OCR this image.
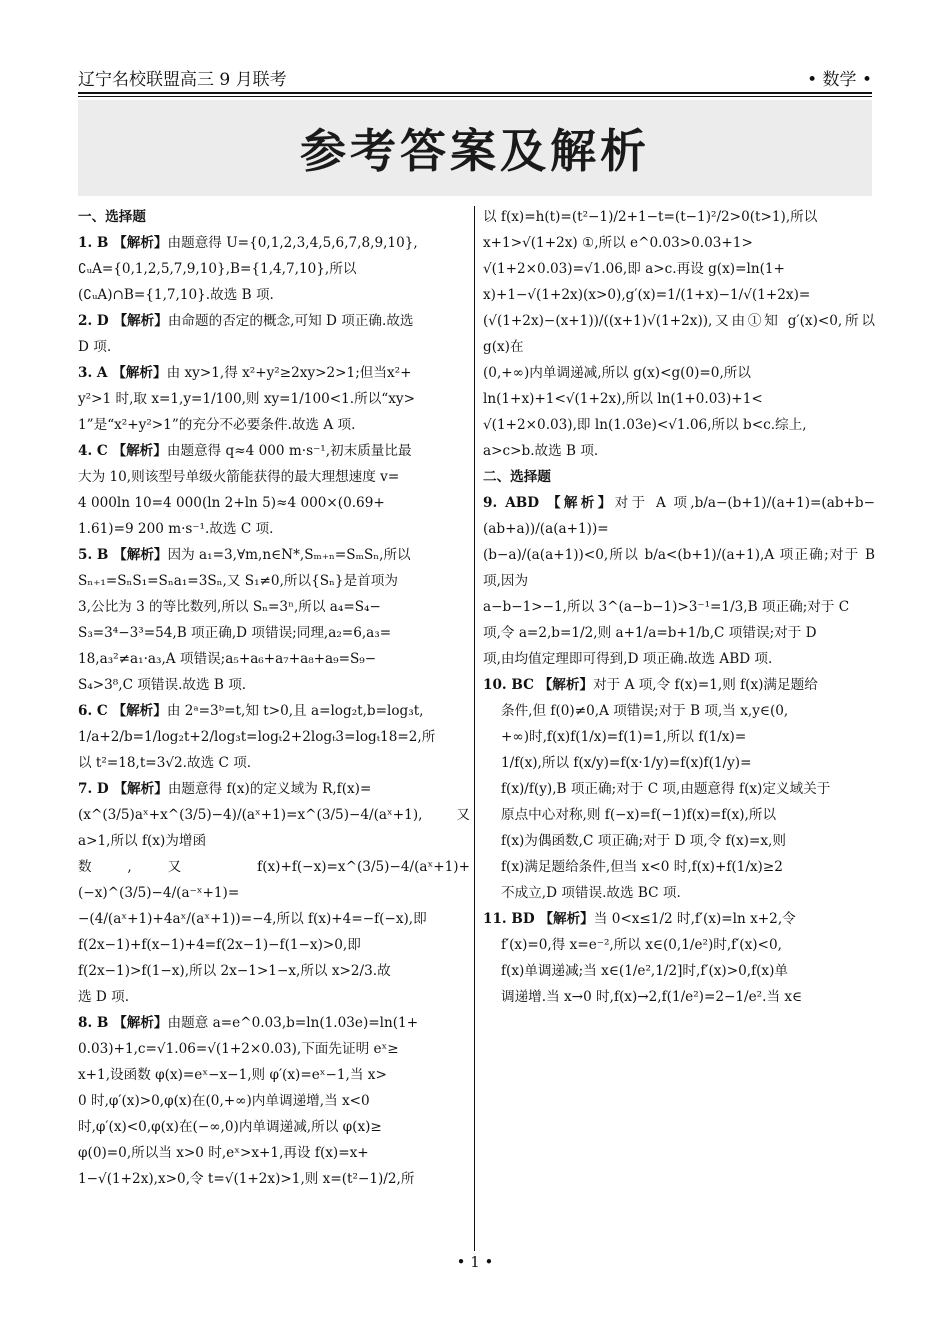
辽宁名校联盟高三 9 月联考	• 数学 •
参考答案及解析
一、选择题
1. B 【解析】由题意得 U={0,1,2,3,4,5,6,7,8,9,10},
∁ᵤA={0,1,2,5,7,9,10},B={1,4,7,10},所以
(∁ᵤA)∩B={1,7,10}.故选 B 项.
2. D 【解析】由命题的否定的概念,可知 D 项正确.故选
D 项.
3. A 【解析】由 xy>1,得 x²+y²≥2xy>2>1;但当x²+
y²>1 时,取 x=1,y=1/100,则 xy=1/100<1.所以“xy>
1”是“x²+y²>1”的充分不必要条件.故选 A 项.
4. C 【解析】由题意得 q≈4 000 m·s⁻¹,初末质量比最
大为 10,则该型号单级火箭能获得的最大理想速度 v=
4 000ln 10=4 000(ln 2+ln 5)≈4 000×(0.69+
1.61)=9 200 m·s⁻¹.故选 C 项.
5. B 【解析】因为 a₁=3,∀m,n∈N*,Sₘ₊ₙ=SₘSₙ,所以
Sₙ₊₁=SₙS₁=Sₙa₁=3Sₙ,又 S₁≠0,所以{Sₙ}是首项为
3,公比为 3 的等比数列,所以 Sₙ=3ⁿ,所以 a₄=S₄−
S₃=3⁴−3³=54,B 项正确,D 项错误;同理,a₂=6,a₃=
18,a₃²≠a₁·a₃,A 项错误;a₅+a₆+a₇+a₈+a₉=S₉−
S₄>3⁸,C 项错误.故选 B 项.
6. C 【解析】由 2ᵃ=3ᵇ=t,知 t>0,且 a=log₂t,b=log₃t,
1/a+2/b=1/log₂t+2/log₃t=logₜ2+2logₜ3=logₜ18=2,所
以 t²=18,t=3√2.故选 C 项.
7. D 【解析】由题意得 f(x)的定义域为 R,f(x)=
(x^(3/5)aˣ+x^(3/5)−4)/(aˣ+1)=x^(3/5)−4/(aˣ+1),又 a>1,所以 f(x)为增函
数,又 f(x)+f(−x)=x^(3/5)−4/(aˣ+1)+(−x)^(3/5)−4/(a⁻ˣ+1)=
−(4/(aˣ+1)+4aˣ/(aˣ+1))=−4,所以 f(x)+4=−f(−x),即
f(2x−1)+f(x−1)+4=f(2x−1)−f(1−x)>0,即
f(2x−1)>f(1−x),所以 2x−1>1−x,所以 x>2/3.故
选 D 项.
8. B 【解析】由题意 a=e^0.03,b=ln(1.03e)=ln(1+
0.03)+1,c=√1.06=√(1+2×0.03),下面先证明 eˣ≥
x+1,设函数 φ(x)=eˣ−x−1,则 φ′(x)=eˣ−1,当 x>
0 时,φ′(x)>0,φ(x)在(0,+∞)内单调递增,当 x<0
时,φ′(x)<0,φ(x)在(−∞,0)内单调递减,所以 φ(x)≥
φ(0)=0,所以当 x>0 时,eˣ>x+1,再设 f(x)=x+
1−√(1+2x),x>0,令 t=√(1+2x)>1,则 x=(t²−1)/2,所
以 f(x)=h(t)=(t²−1)/2+1−t=(t−1)²/2>0(t>1),所以
x+1>√(1+2x) ①,所以 e^0.03>0.03+1>
√(1+2×0.03)=√1.06,即 a>c.再设 g(x)=ln(1+
x)+1−√(1+2x)(x>0),g′(x)=1/(1+x)−1/√(1+2x)=
(√(1+2x)−(x+1))/((x+1)√(1+2x)),又由①知 g′(x)<0,所以 g(x)在
(0,+∞)内单调递减,所以 g(x)<g(0)=0,所以
ln(1+x)+1<√(1+2x),所以 ln(1+0.03)+1<
√(1+2×0.03),即 ln(1.03e)<√1.06,所以 b<c.综上,
a>c>b.故选 B 项.
二、选择题
9. ABD 【解析】对于 A 项,b/a−(b+1)/(a+1)=(ab+b−(ab+a))/(a(a+1))=
(b−a)/(a(a+1))<0,所以 b/a<(b+1)/(a+1),A 项正确;对于 B 项,因为
a−b−1>−1,所以 3^(a−b−1)>3⁻¹=1/3,B 项正确;对于 C
项,令 a=2,b=1/2,则 a+1/a=b+1/b,C 项错误;对于 D
项,由均值定理即可得到,D 项正确.故选 ABD 项.
10. BC 【解析】对于 A 项,令 f(x)=1,则 f(x)满足题给
条件,但 f(0)≠0,A 项错误;对于 B 项,当 x,y∈(0,
+∞)时,f(x)f(1/x)=f(1)=1,所以 f(1/x)=
1/f(x),所以 f(x/y)=f(x·1/y)=f(x)f(1/y)=
f(x)/f(y),B 项正确;对于 C 项,由题意得 f(x)定义域关于
原点中心对称,则 f(−x)=f(−1)f(x)=f(x),所以
f(x)为偶函数,C 项正确;对于 D 项,令 f(x)=x,则
f(x)满足题给条件,但当 x<0 时,f(x)+f(1/x)≥2
不成立,D 项错误.故选 BC 项.
11. BD 【解析】当 0<x≤1/2 时,f′(x)=ln x+2,令
f′(x)=0,得 x=e⁻²,所以 x∈(0,1/e²)时,f′(x)<0,
f(x)单调递减;当 x∈(1/e²,1/2]时,f′(x)>0,f(x)单
调递增.当 x→0 时,f(x)→2,f(1/e²)=2−1/e².当 x∈
• 1 •
